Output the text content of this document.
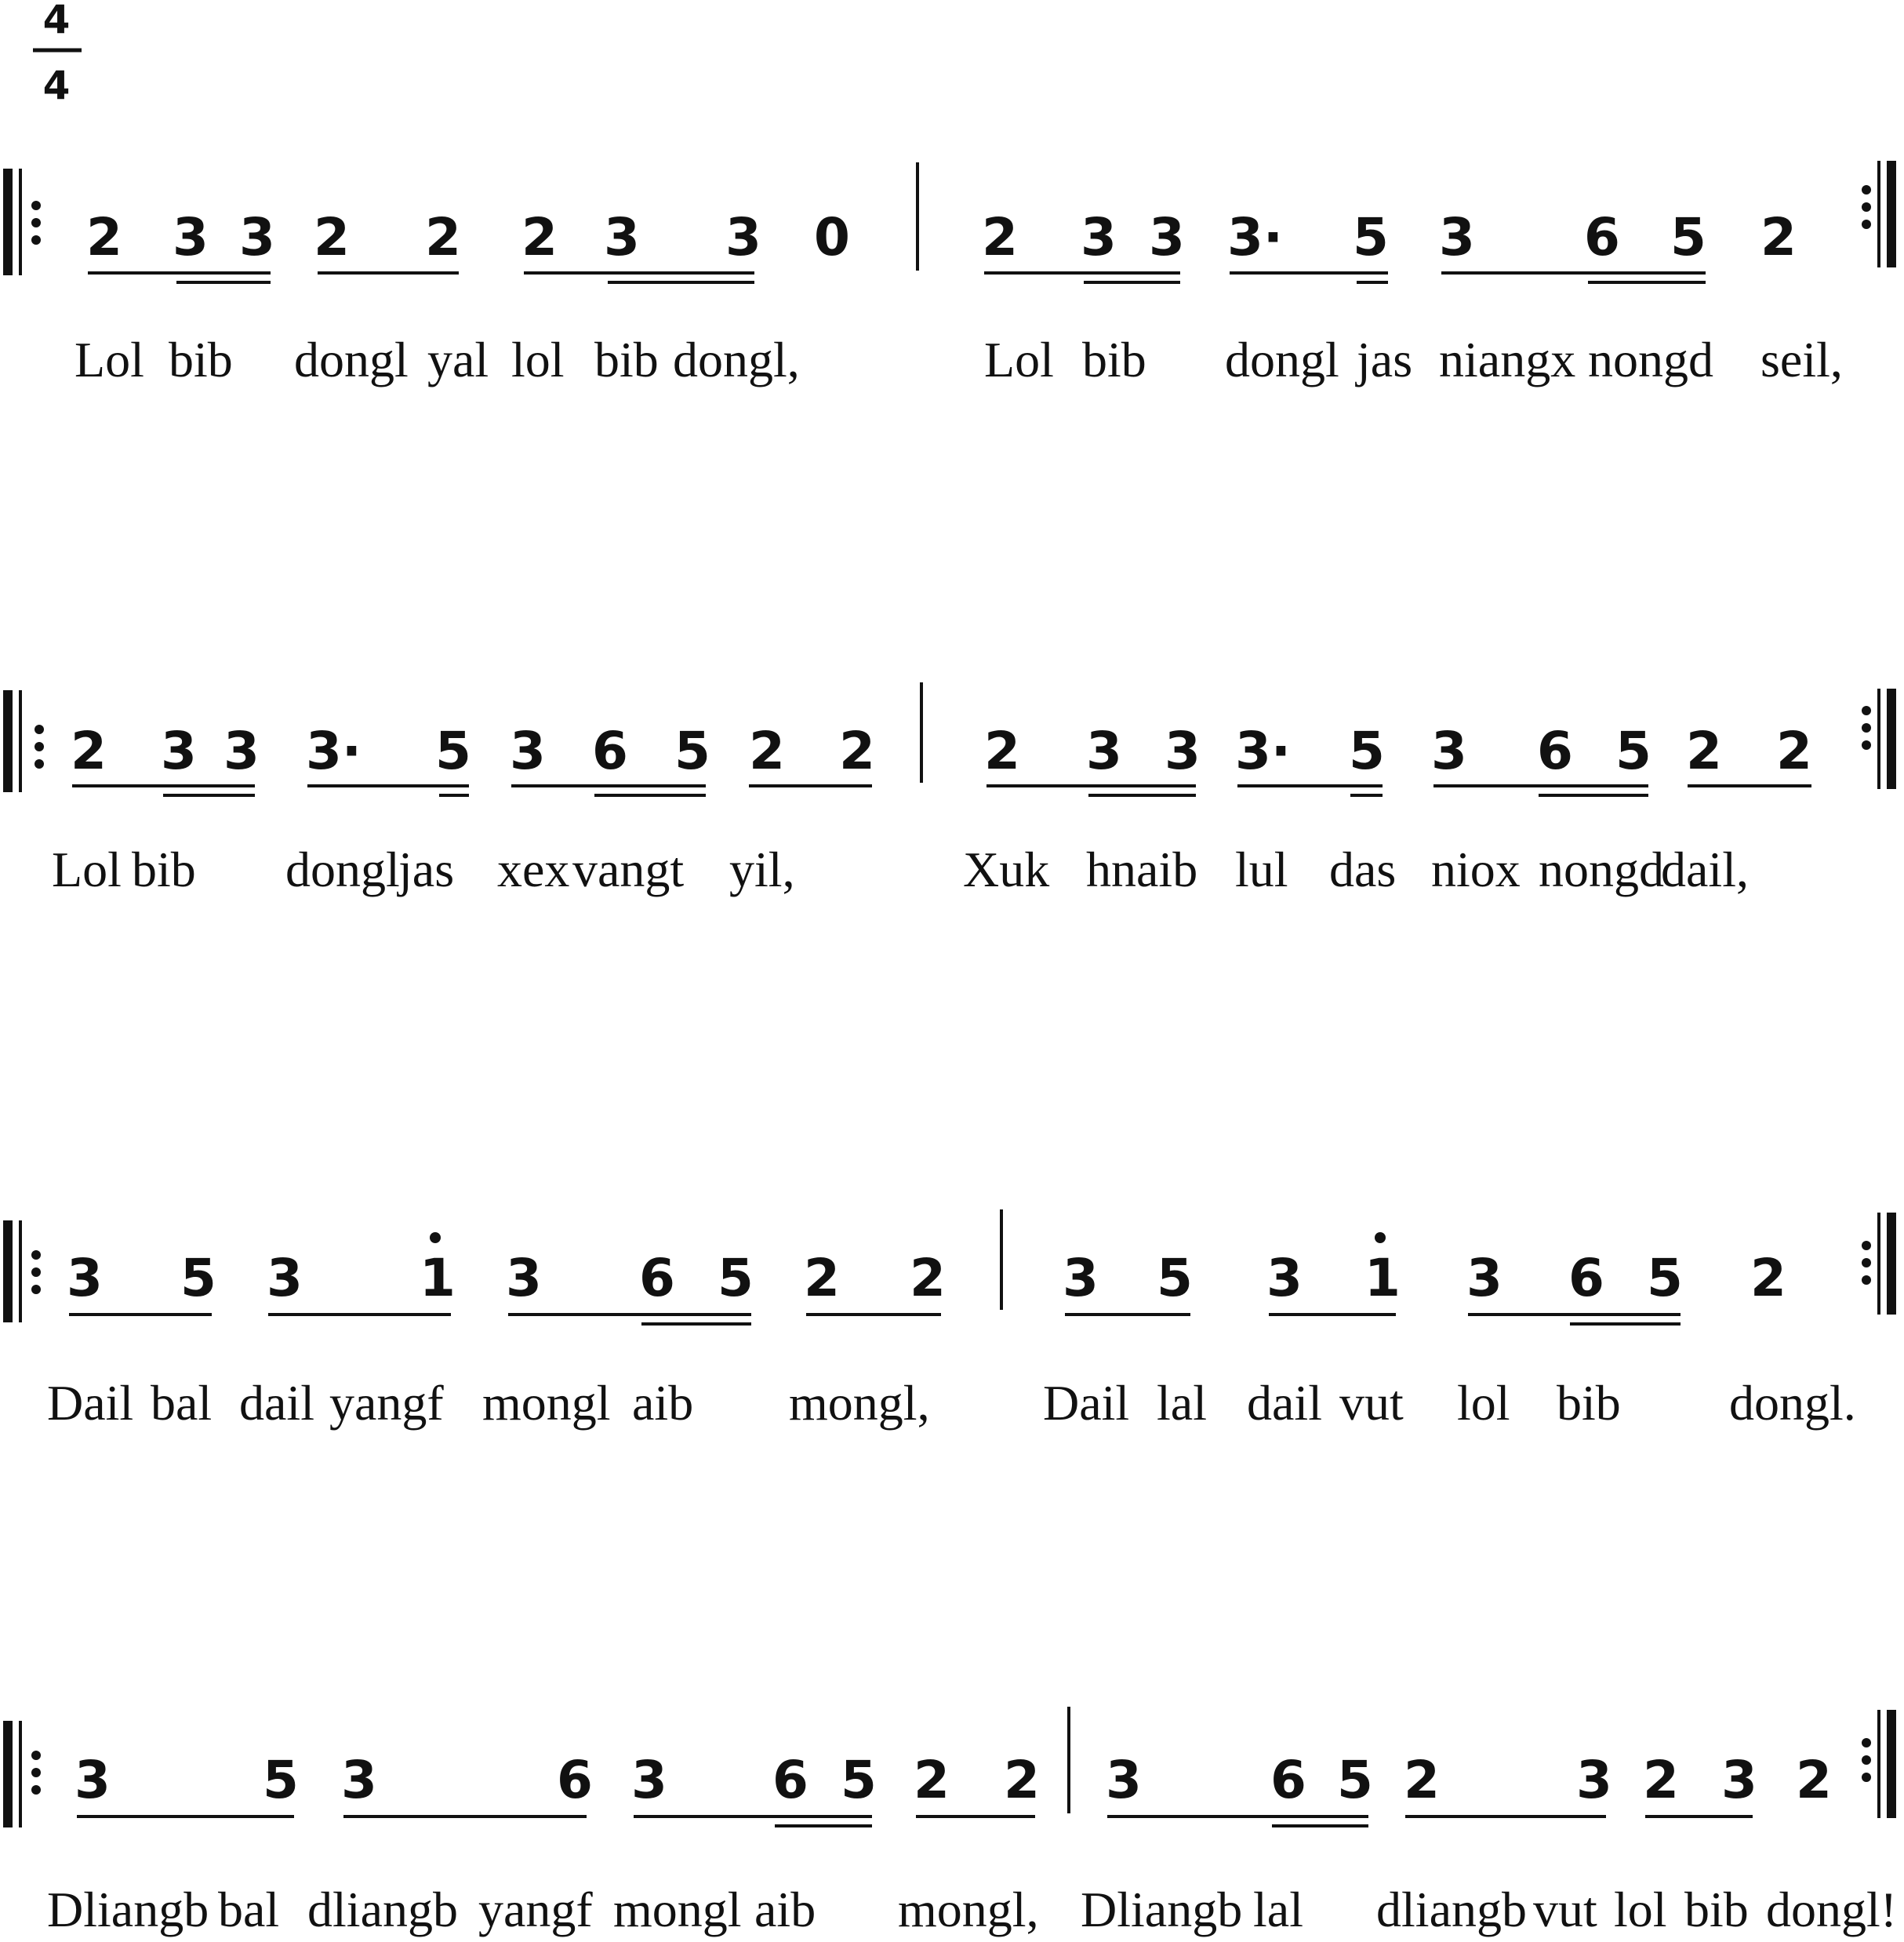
4
4
2 3 3 2 2 2 3 3 0	2 3 3 3· 5 3 6 5 2
Lol bib dongl yal lol bib dongl,	Lol bib dongl jas niangx nongd seil,
2 3 3 3· 5 3 6 5 2 2 2 3 3 3· 5 3 6 5 2 2
Lol bib dongl
jas xex vangt yil,	Xuk hnaib lul das niox nongd
dail,
3 5 3 1 3 6 5 2 2 3 5 3 1 3 6 5 2
Dail bal dail yangf mongl aib mongl, Dail lal dail vut lol bib dongl.
3	5 3	6 3 6 5 2 2 3 6 5 2	3 2 3 2
Dliangb bal dliangb yangf mongl aib mongl, Dliangb lal dliangb vut lol bib dongl!
